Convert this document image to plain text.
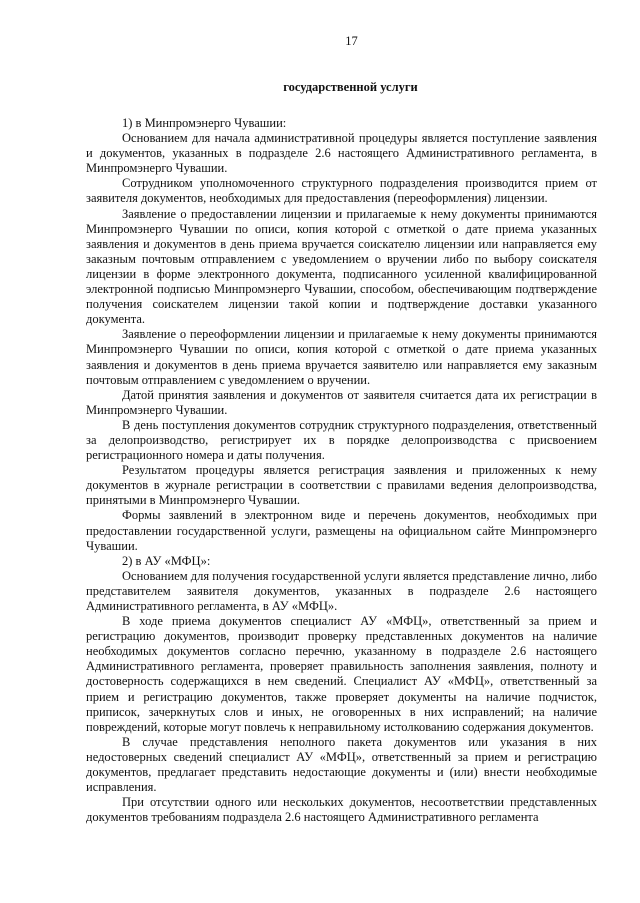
17
государственной услуги

1) в Минпромэнерго Чувашии:

Основанием для начала административной процедуры является поступление заявления и документов, указанных в подразделе 2.6 настоящего Административного регламента, в Минпромэнерго Чувашии.

Сотрудником уполномоченного структурного подразделения производится прием от заявителя документов, необходимых для предоставления (переоформления) лицензии.

Заявление о предоставлении лицензии и прилагаемые к нему документы принимаются Минпромэнерго Чувашии по описи, копия которой с отметкой о дате приема указанных заявления и документов в день приема вручается соискателю лицензии или направляется ему заказным почтовым отправлением с уведомлением о вручении либо по выбору соискателя лицензии в форме электронного документа, подписанного усиленной квалифицированной электронной подписью Минпромэнерго Чувашии, способом, обеспечивающим подтверждение получения соискателем лицензии такой копии и подтверждение доставки указанного документа.

Заявление о переоформлении лицензии и прилагаемые к нему документы принимаются Минпромэнерго Чувашии по описи, копия которой с отметкой о дате приема указанных заявления и документов в день приема вручается заявителю или направляется ему заказным почтовым отправлением с уведомлением о вручении.

Датой принятия заявления и документов от заявителя считается дата их регистрации в Минпромэнерго Чувашии.

В день поступления документов сотрудник структурного подразделения, ответственный за делопроизводство, регистрирует их в порядке делопроизводства с присвоением регистрационного номера и даты получения.

Результатом процедуры является регистрация заявления и приложенных к нему документов в журнале регистрации в соответствии с правилами ведения делопроизводства, принятыми в Минпромэнерго Чувашии.

Формы заявлений в электронном виде и перечень документов, необходимых при предоставлении государственной услуги, размещены на официальном сайте Минпромэнерго Чувашии.

2) в АУ «МФЦ»:

Основанием для получения государственной услуги является представление лично, либо представителем заявителя документов, указанных в подразделе 2.6 настоящего Административного регламента, в АУ «МФЦ».

В ходе приема документов специалист АУ «МФЦ», ответственный за прием и регистрацию документов, производит проверку представленных документов на наличие необходимых документов согласно перечню, указанному в подразделе 2.6 настоящего Административного регламента, проверяет правильность заполнения заявления, полноту и достоверность содержащихся в нем сведений. Специалист АУ «МФЦ», ответственный за прием и регистрацию документов, также проверяет документы на наличие подчисток, приписок, зачеркнутых слов и иных, не оговоренных в них исправлений; на наличие повреждений, которые могут повлечь к неправильному истолкованию содержания документов.

В случае представления неполного пакета документов или указания в них недостоверных сведений специалист АУ «МФЦ», ответственный за прием и регистрацию документов, предлагает представить недостающие документы и (или) внести необходимые исправления.

При отсутствии одного или нескольких документов, несоответствии представленных документов требованиям подраздела 2.6 настоящего Административного регламента
